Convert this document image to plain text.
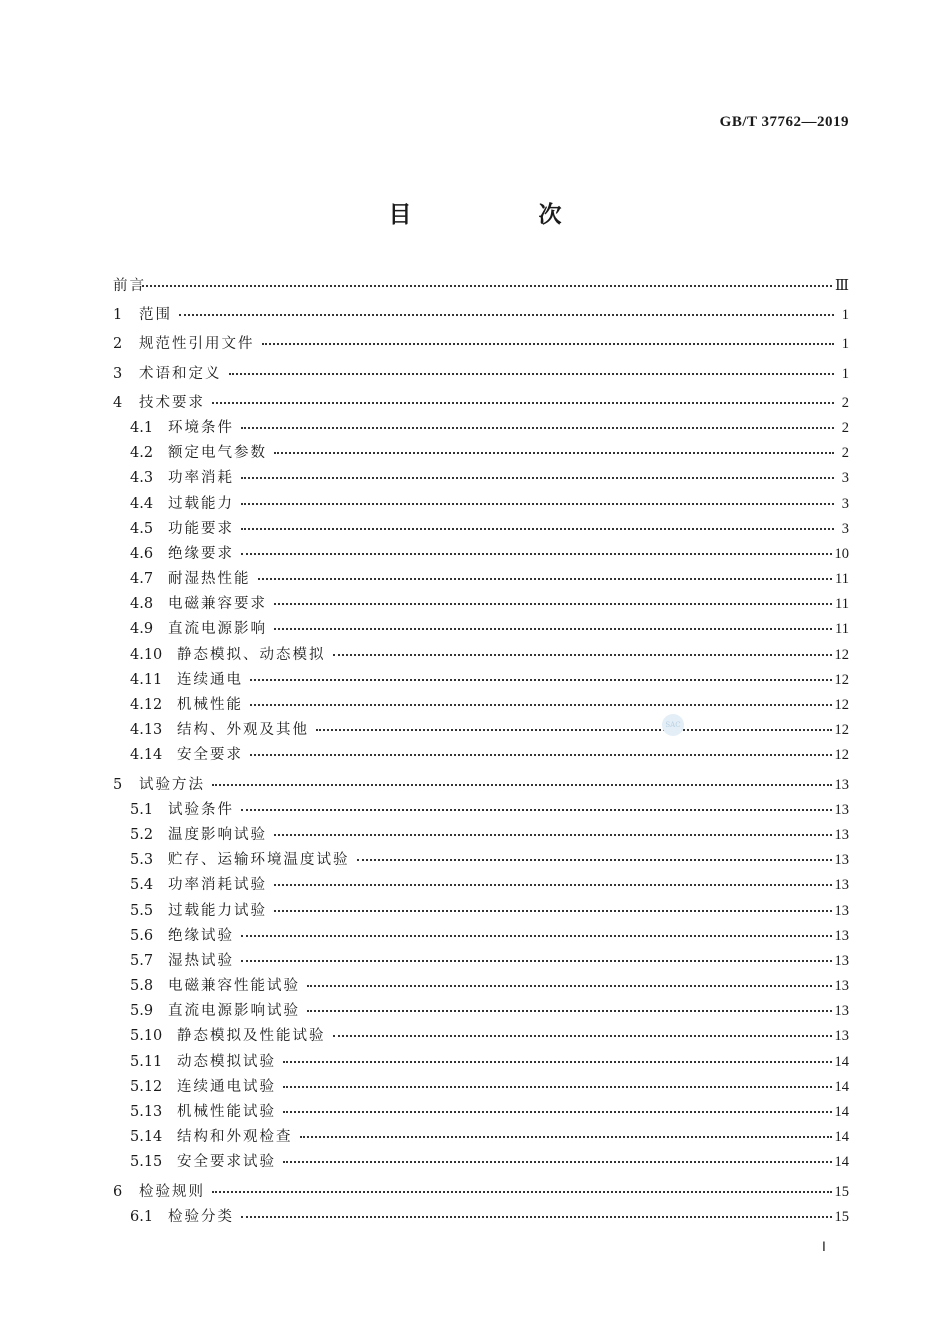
GB/T 37762—2019
目　次
前言	Ⅲ
1	范围	1
2	规范性引用文件	1
3	术语和定义	1
4	技术要求	2
4.1	环境条件	2
4.2	额定电气参数	2
4.3	功率消耗	3
4.4	过载能力	3
4.5	功能要求	3
4.6	绝缘要求	10
4.7	耐湿热性能	11
4.8	电磁兼容要求	11
4.9	直流电源影响	11
4.10	静态模拟、动态模拟	12
4.11	连续通电	12
4.12	机械性能	12
4.13	结构、外观及其他	12
4.14	安全要求	12
5	试验方法	13
5.1	试验条件	13
5.2	温度影响试验	13
5.3	贮存、运输环境温度试验	13
5.4	功率消耗试验	13
5.5	过载能力试验	13
5.6	绝缘试验	13
5.7	湿热试验	13
5.8	电磁兼容性能试验	13
5.9	直流电源影响试验	13
5.10	静态模拟及性能试验	13
5.11	动态模拟试验	14
5.12	连续通电试验	14
5.13	机械性能试验	14
5.14	结构和外观检查	14
5.15	安全要求试验	14
6	检验规则	15
6.1	检验分类	15
SAC
Ⅰ
